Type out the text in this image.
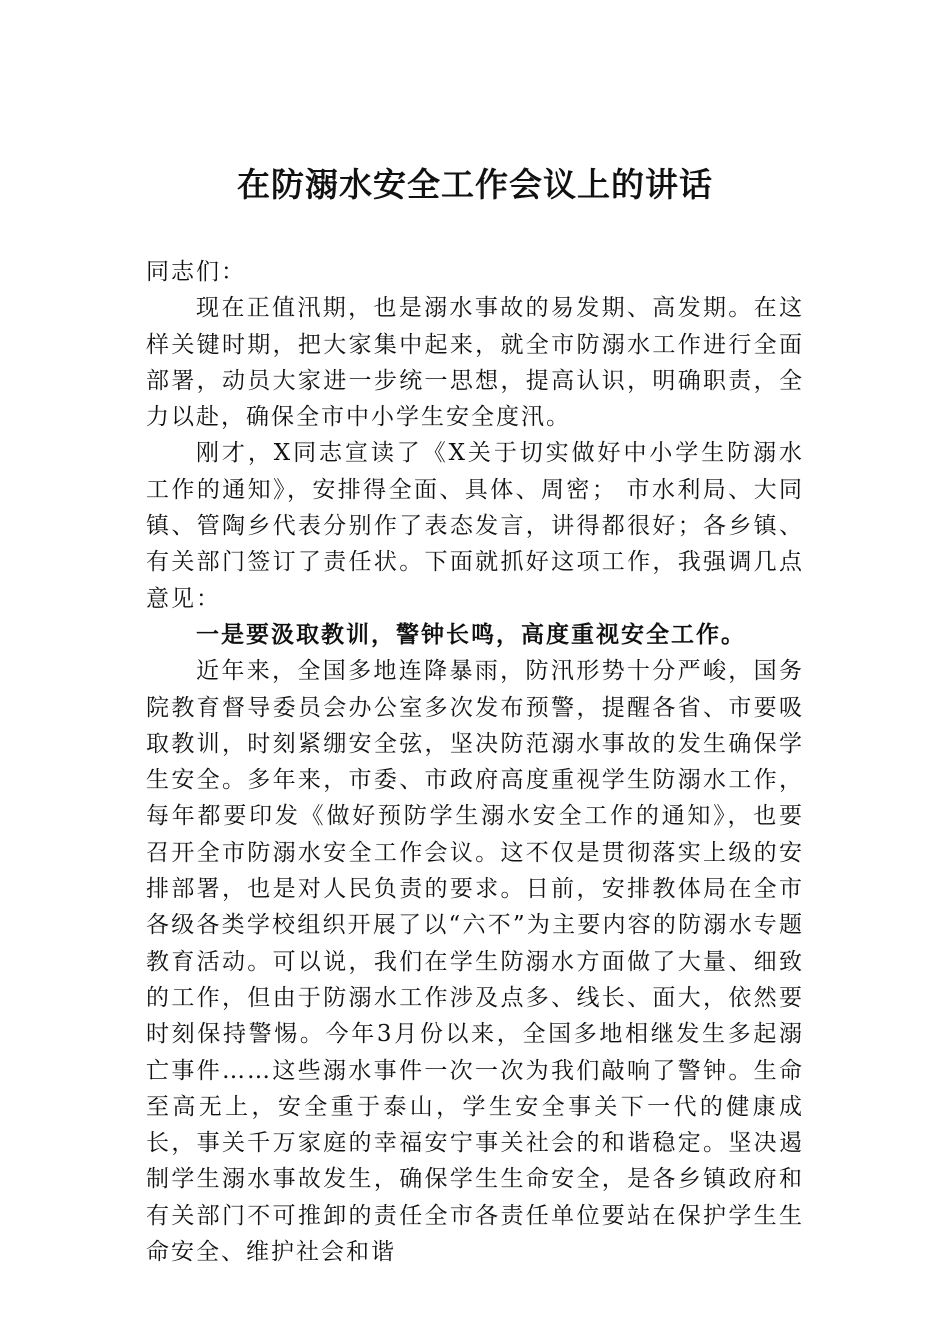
在防溺水安全工作会议上的讲话

同志们：

现在正值汛期，也是溺水事故的易发期、高发期。在这样关键时期，把大家集中起来，就全市防溺水工作进行全面部署，动员大家进一步统一思想，提高认识，明确职责，全力以赴，确保全市中小学生安全度汛。

刚才，X同志宣读了《X关于切实做好中小学生防溺水工作的通知》，安排得全面、具体、周密； 市水利局、大同镇、管陶乡代表分别作了表态发言，讲得都很好；各乡镇、有关部门签订了责任状。下面就抓好这项工作，我强调几点意见：

一是要汲取教训，警钟长鸣，高度重视安全工作。

近年来，全国多地连降暴雨，防汛形势十分严峻，国务院教育督导委员会办公室多次发布预警，提醒各省、市要吸取教训，时刻紧绷安全弦，坚决防范溺水事故的发生确保学生安全。多年来，市委、市政府高度重视学生防溺水工作，每年都要印发《做好预防学生溺水安全工作的通知》，也要召开全市防溺水安全工作会议。这不仅是贯彻落实上级的安排部署，也是对人民负责的要求。日前，安排教体局在全市各级各类学校组织开展了以“六不”为主要内容的防溺水专题教育活动。可以说，我们在学生防溺水方面做了大量、细致的工作，但由于防溺水工作涉及点多、线长、面大，依然要时刻保持警惕。今年3月份以来，全国多地相继发生多起溺亡事件……这些溺水事件一次一次为我们敲响了警钟。生命至高无上，安全重于泰山，学生安全事关下一代的健康成长，事关千万家庭的幸福安宁事关社会的和谐稳定。坚决遏制学生溺水事故发生，确保学生生命安全，是各乡镇政府和有关部门不可推卸的责任全市各责任单位要站在保护学生生命安全、维护社会和谐
